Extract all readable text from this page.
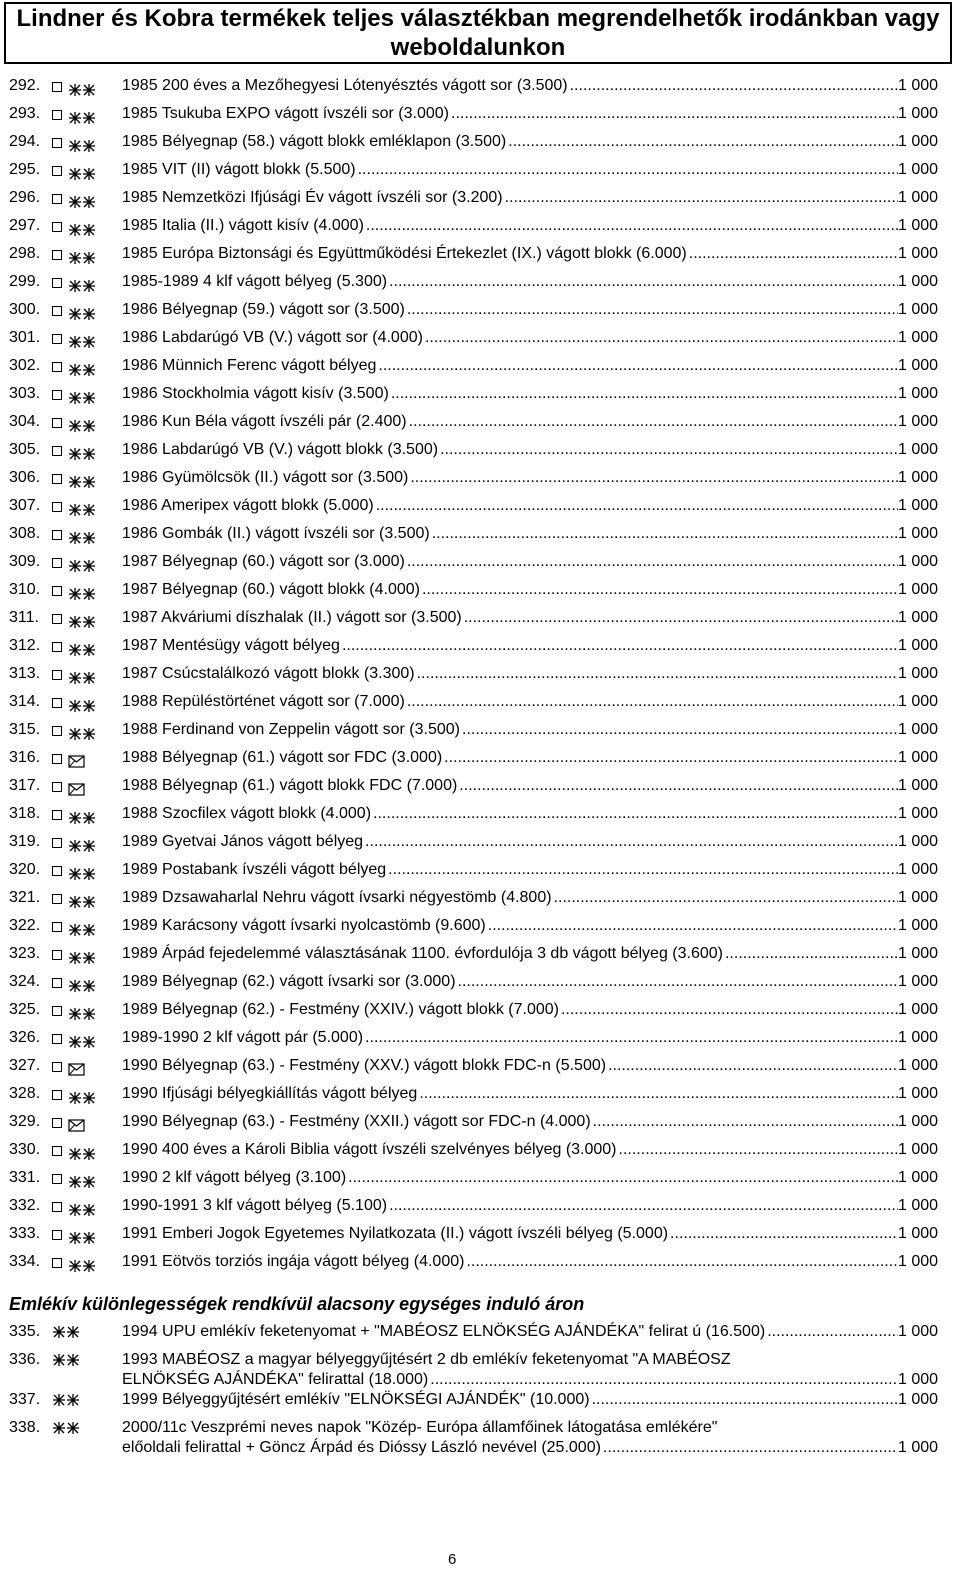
Lindner és Kobra termékek teljes választékban megrendelhetők irodánkban vagy weboldalunkon
292.	1985 200 éves a Mezőhegyesi Lótenyésztés vágott sor (3.500) .....	1 000
293.	1985 Tsukuba EXPO vágott ívszéli sor (3.000) .....	1 000
294.	1985 Bélyegnap (58.) vágott blokk emléklapon (3.500) .....	1 000
295.	1985 VIT (II) vágott blokk (5.500) .....	1 000
296.	1985 Nemzetközi Ifjúsági Év vágott ívszéli sor (3.200) .....	1 000
297.	1985 Italia (II.) vágott kisív (4.000) .....	1 000
298.	1985 Európa Biztonsági és Együttműködési Értekezlet (IX.) vágott blokk (6.000) .....	1 000
299.	1985-1989 4 klf vágott bélyeg (5.300) .....	1 000
300.	1986 Bélyegnap (59.) vágott sor (3.500) .....	1 000
301.	1986 Labdarúgó VB (V.) vágott sor (4.000) .....	1 000
302.	1986 Münnich Ferenc vágott bélyeg .....	1 000
303.	1986 Stockholmia vágott kisív (3.500) .....	1 000
304.	1986 Kun Béla vágott ívszéli pár (2.400) .....	1 000
305.	1986 Labdarúgó VB (V.) vágott blokk (3.500) .....	1 000
306.	1986 Gyümölcsök (II.) vágott sor (3.500) .....	1 000
307.	1986 Ameripex vágott blokk (5.000) .....	1 000
308.	1986 Gombák (II.) vágott ívszéli sor (3.500) .....	1 000
309.	1987 Bélyegnap (60.) vágott sor (3.000) .....	1 000
310.	1987 Bélyegnap (60.) vágott blokk (4.000) .....	1 000
311.	1987 Akváriumi díszhalak (II.) vágott sor (3.500) .....	1 000
312.	1987 Mentésügy vágott bélyeg .....	1 000
313.	1987 Csúcstalálkozó vágott blokk (3.300) .....	1 000
314.	1988 Repüléstörténet vágott sor (7.000) .....	1 000
315.	1988 Ferdinand von Zeppelin vágott sor (3.500) .....	1 000
316.	1988 Bélyegnap (61.) vágott sor FDC (3.000) .....	1 000
317.	1988 Bélyegnap (61.) vágott blokk FDC (7.000) .....	1 000
318.	1988 Szocfilex vágott blokk (4.000) .....	1 000
319.	1989 Gyetvai János vágott bélyeg .....	1 000
320.	1989 Postabank ívszéli vágott bélyeg .....	1 000
321.	1989 Dzsawaharlal Nehru vágott ívsarki négyestömb (4.800) .....	1 000
322.	1989 Karácsony vágott ívsarki nyolcastömb (9.600) .....	1 000
323.	1989 Árpád fejedelemmé választásának 1100. évfordulója 3 db vágott bélyeg (3.600) .....	1 000
324.	1989 Bélyegnap (62.) vágott ívsarki sor (3.000) .....	1 000
325.	1989 Bélyegnap (62.) - Festmény (XXIV.) vágott blokk (7.000) .....	1 000
326.	1989-1990 2 klf vágott pár (5.000) .....	1 000
327.	1990 Bélyegnap (63.) - Festmény (XXV.) vágott blokk FDC-n (5.500) .....	1 000
328.	1990 Ifjúsági bélyegkiállítás vágott bélyeg .....	1 000
329.	1990 Bélyegnap (63.) - Festmény (XXII.) vágott sor FDC-n (4.000) .....	1 000
330.	1990 400 éves a Károli Biblia vágott ívszéli szelvényes bélyeg (3.000) .....	1 000
331.	1990 2 klf vágott bélyeg (3.100) .....	1 000
332.	1990-1991 3 klf vágott bélyeg (5.100) .....	1 000
333.	1991 Emberi Jogok Egyetemes Nyilatkozata (II.) vágott ívszéli bélyeg (5.000) .....	1 000
334.	1991 Eötvös torziós ingája vágott bélyeg (4.000) .....	1 000
Emlékív különlegességek rendkívül alacsony egységes induló áron
335.	1994 UPU emlékív feketenyomat + "MABÉOSZ ELNÖKSÉG AJÁNDÉKA" felirat ú (16.500) .....	1 000
336.	1993 MABÉOSZ a magyar bélyeggyűjtésért 2 db emlékív feketenyomat "A MABÉOSZ
ELNÖKSÉG AJÁNDÉKA" felirattal (18.000) .....	1 000
337.	1999 Bélyeggyűjtésért emlékív "ELNÖKSÉGI AJÁNDÉK" (10.000) .....	1 000
338.	2000/11c Veszprémi neves napok "Közép- Európa államfőinek látogatása emlékére"
előoldali felirattal + Göncz Árpád és Dióssy László nevével (25.000) .....	1 000
6
